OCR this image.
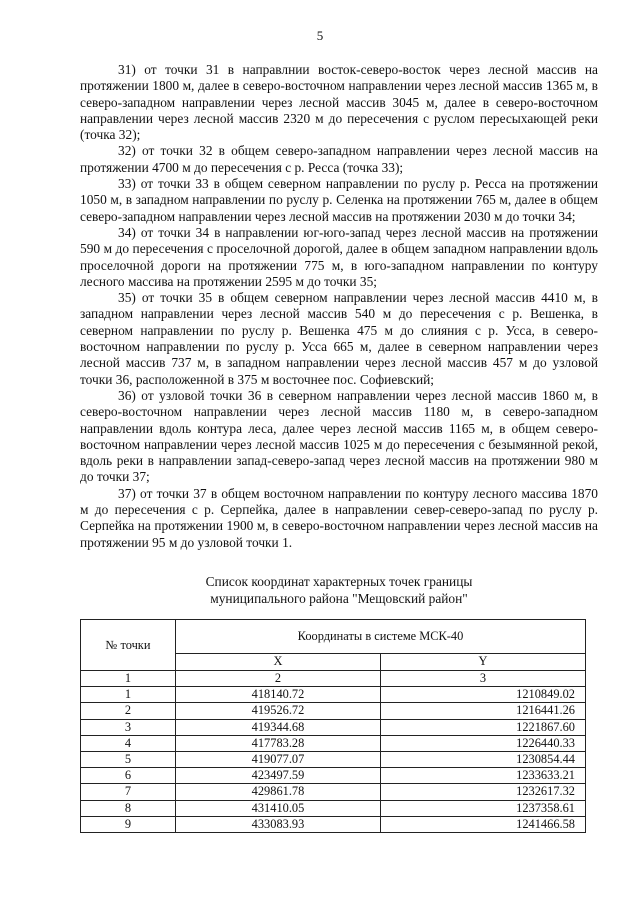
5

31) от точки 31 в направлнии восток-северо-восток через лесной массив на протяжении 1800 м, далее в северо-восточном направлении через лесной массив 1365 м, в северо-западном направлении через лесной массив 3045 м, далее в северо-восточном направлении через лесной массив 2320 м до пересечения с руслом пересыхающей реки (точка 32);

32) от точки 32 в общем северо-западном направлении через лесной массив на протяжении 4700 м до пересечения с р. Ресса (точка 33);

33) от точки 33 в общем северном направлении по руслу р. Ресса на протяжении 1050 м, в западном направлении по руслу р. Селенка на протяжении 765 м, далее в общем северо-западном направлении через лесной массив на протяжении 2030 м до точки 34;

34) от точки 34 в направлении юг-юго-запад через лесной массив на протяжении 590 м до пересечения с проселочной дорогой, далее в общем западном направлении вдоль проселочной дороги на протяжении 775 м, в юго-западном направлении по контуру лесного массива на протяжении 2595 м до точки 35;

35) от точки 35 в общем северном направлении через лесной массив 4410 м, в западном направлении через лесной массив 540 м до пересечения с р. Вешенка, в северном направлении по руслу р. Вешенка 475 м до слияния с р. Усса, в северо-восточном направлении по руслу р. Усса 665 м, далее в северном направлении через лесной массив 737 м, в западном направлении через лесной массив 457 м до узловой точки 36, расположенной в 375 м восточнее пос. Софиевский;

36) от узловой точки 36 в северном направлении через лесной массив 1860 м, в северо-восточном направлении через лесной массив 1180 м, в северо-западном направлении вдоль контура леса, далее через лесной массив 1165 м, в общем северо-восточном направлении через лесной массив 1025 м до пересечения с безымянной рекой, вдоль реки в направлении запад-северо-запад через лесной массив на протяжении 980 м до точки 37;

37) от точки 37 в общем восточном направлении по контуру лесного массива 1870 м до пересечения с р. Серпейка, далее в направлении север-северо-запад по руслу р. Серпейка на протяжении 1900 м, в северо-восточном направлении через лесной массив на протяжении 95 м до узловой точки 1.

Список координат характерных точек границы
муниципального района "Мещовский район"
№ точки	Координаты в системе МСК-40	
	X	Y
1	2	3
1	418140.72	1210849.02
2	419526.72	1216441.26
3	419344.68	1221867.60
4	417783.28	1226440.33
5	419077.07	1230854.44
6	423497.59	1233633.21
7	429861.78	1232617.32
8	431410.05	1237358.61
9	433083.93	1241466.58
